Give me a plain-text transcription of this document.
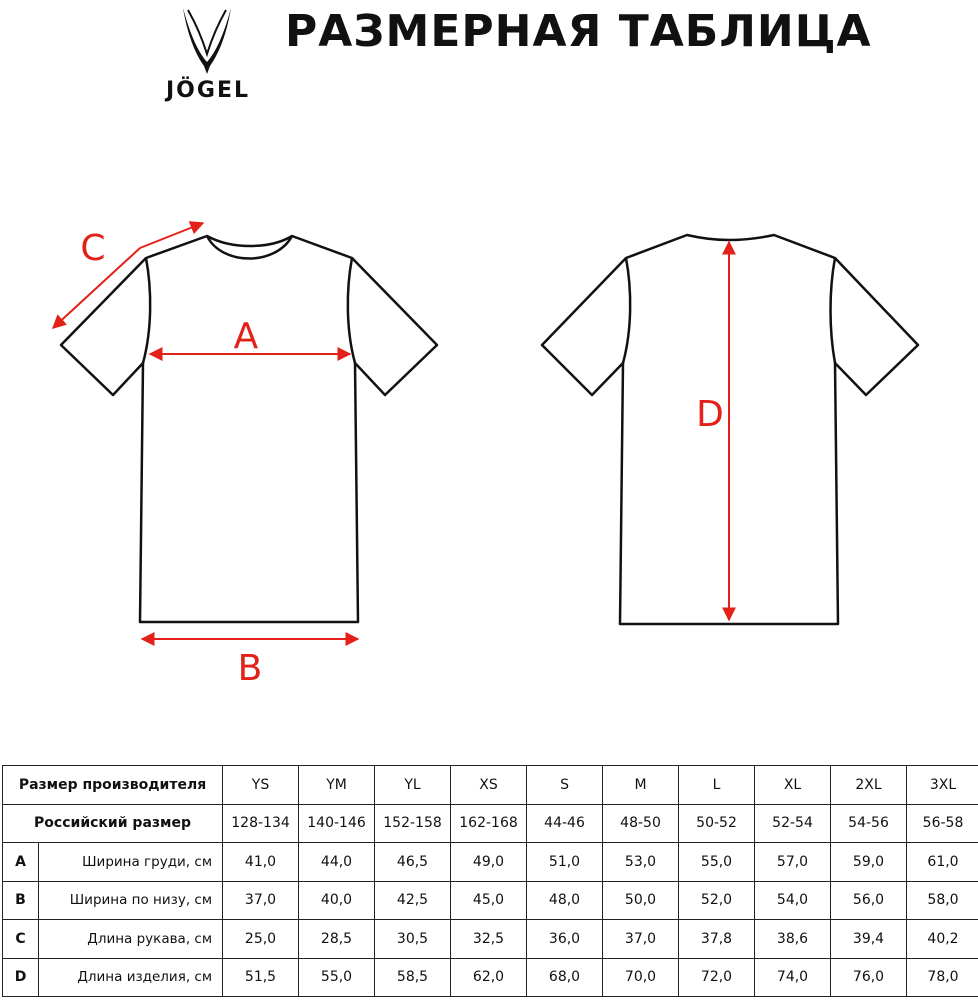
JÖGEL
РАЗМЕРНАЯ ТАБЛИЦА
A
B
C
D
Размер производителя		YS	YM	YL	XS	S	M	L	XL	2XL	3XL
Российский размер		128-134	140-146	152-158	162-168	44-46	48-50	50-52	52-54	54-56	56-58
A	Ширина груди, см	41,0	44,0	46,5	49,0	51,0	53,0	55,0	57,0	59,0	61,0
B	Ширина по низу, см	37,0	40,0	42,5	45,0	48,0	50,0	52,0	54,0	56,0	58,0
C	Длина рукава, см	25,0	28,5	30,5	32,5	36,0	37,0	37,8	38,6	39,4	40,2
D	Длина изделия, см	51,5	55,0	58,5	62,0	68,0	70,0	72,0	74,0	76,0	78,0
